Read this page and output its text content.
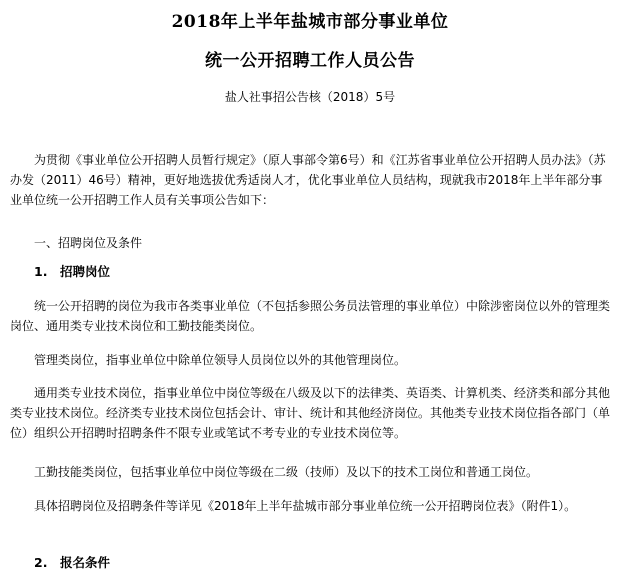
2018年上半年盐城市部分事业单位
统一公开招聘工作人员公告
盐人社事招公告核（2018）5号

为贯彻《事业单位公开招聘人员暂行规定》（原人事部令第6号）和《江苏省事业单位公开招聘人员办法》（苏办发（2011）46号）精神，更好地选拔优秀适岗人才，优化事业单位人员结构，现就我市2018年上半年部分事业单位统一公开招聘工作人员有关事项公告如下：

一、招聘岗位及条件

1. 招聘岗位

统一公开招聘的岗位为我市各类事业单位（不包括参照公务员法管理的事业单位）中除涉密岗位以外的管理类岗位、通用类专业技术岗位和工勤技能类岗位。

管理类岗位，指事业单位中除单位领导人员岗位以外的其他管理岗位。

通用类专业技术岗位，指事业单位中岗位等级在八级及以下的法律类、英语类、计算机类、经济类和部分其他类专业技术岗位。经济类专业技术岗位包括会计、审计、统计和其他经济岗位。其他类专业技术岗位指各部门（单位）组织公开招聘时招聘条件不限专业或笔试不考专业的专业技术岗位等。

工勤技能类岗位，包括事业单位中岗位等级在二级（技师）及以下的技术工岗位和普通工岗位。

具体招聘岗位及招聘条件等详见《2018年上半年盐城市部分事业单位统一公开招聘岗位表》（附件1）。

2. 报名条件
